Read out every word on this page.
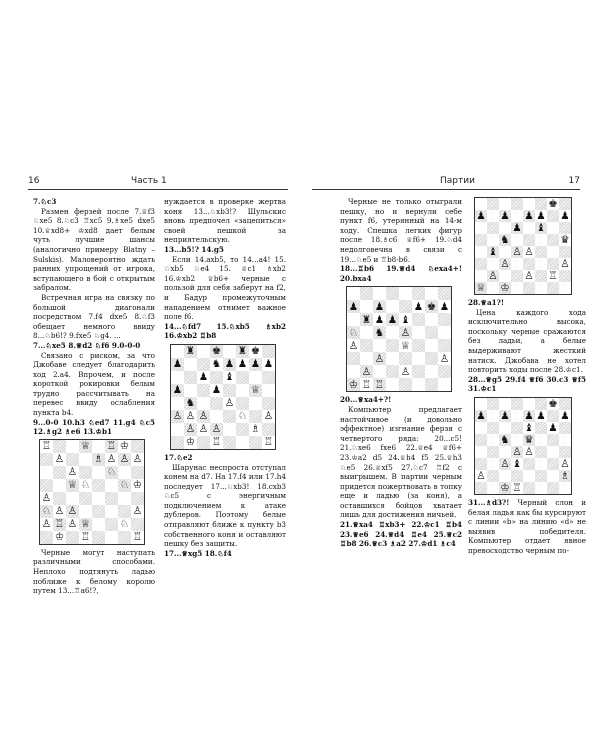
16	Часть 1

7.♘c3

Размен ферзей после 7.♕f3 ♘xe5 8.♘c3 ♖xc5 9.♗xe5 dxe5 10.♕xd8+ ♔xd8 дает белым чуть лучшие шансы (аналогично примеру Blatny – Sulskis). Маловероятно ждать ранних упрощений от игрока, вступающего в бой с открытым забралом.

Встречная игра на связку по большой диагонали посредством 7.f4 dxe5 8.♘f3 обещает немного ввиду 8...♘b6!? 9.fxe5 ♘g4. ...

7...♘xe5 8.♕d2 ♘f6 9.0-0-0

Связано с риском, за что Джобаве следует благодарить ход 2.a4. Впрочем, и после короткой рокировки белым трудно рассчитывать на перевес ввиду ослабления пункта b4.

9...0-0 10.h3 ♘ed7 11.g4 ♘c5 12.♗g2 ♗e6 13.♔b1

♖	♕ ♖ ♔
♙	♗ ♙ ♙ ♙
♙	♘
♕ ♘	♘ ♔
♙
♘ ♙ ♙	♙
♙ ♖ ♙ ♕	♘
♔ ♖	♖

Черные могут наступать различными способами. Неплохо подтянуть ладью поближе к белому королю путем 13...♖a6!?,

нуждается в проверке жертва коня 13...♘xb3!? Шульскис вновь предпочел «зацепиться» своей пешкой за неприятельскую.

13...b5!? 14.g5

Если 14.axb5, то 14...a4! 15. ♘xb5 ♘e4 15. ♕c1 ♗xb2 16.♔xb2 ♕b6+ черные с пользой для себя заберут на f2, и Бадур промежуточным нападением отнимет важное поле f6.

14...♘fd7 15.♘xb5 ♗xb2 16.♔xb2 ♖b8

♜ ♚ ♜ ♚
♟	♞ ♟ ♟ ♟ ♟
♟ ♝
♟	♟	♕
♞	♙
♙ ♙ ♙	♘ ♙
♙ ♙ ♙	♗
♔ ♖	♖

17.♘e2

Шарунас неспроста отступал конем на d7. На 17.f4 или 17.h4 последует 17...♘xb3! 18.cxb3 ♘c5 с энергичным подключением к атаке дублеров. Поэтому белые отправляют ближе к пункту b3 собственного коня и оставляют пешку без защиты.

17...♕xg5 18.♘f4

Партии	17

Черные не только отыграли пешку, но и вернули себе пункт f6, утерянный на 14-м ходу. Спешка легких фигур после 18.♗c6 ♕f6+ 19.♘d4 недолговечна в связи с 19...♘e5 и ♖b8-b6.

18...♖b6 19.♕d4 ♘exa4+! 20.bxa4

♟ ♟	♟ ♚ ♟
♜ ♟ ♟ ♝
♘ ♞ ♙
♙	♕
♙	♙
♙	♙
♔ ♖ ♖

20...♕xa4+?!

Компьютер предлагает настойчивое (и довольно эффектное) изгнание ферзя с четвертого ряда: 20...c5! 21.♘xe6 fxe6 22.♕e4 ♕f6+ 23.♔a2 d5 24.♕h4 f5 25.♕h3 ♘e5 26.♕xf5 27.♘c7 ♖f2 с выигрышем. В партии черным придется пожертвовать в топку еще и ладью (за коня), а оставшихся бойцов хватает лишь для достижения ничьей.

21.♕xa4 ♖xb3+ 22.♔c1 ♖b4 23.♕e6 24.♕d4 ♖e4 25.♕c2 ♖b8 26.♕c3 ♗a2 27.♔d1 ♗c4

♚
♟ ♟ ♟ ♟ ♟
♟ ♝
♞	♛
♝ ♙ ♙
♙	♙
♙	♙ ♖
♕ ♔

28.♕a1?!

Цена каждого хода исключительно высока, поскольку черные сражаются без ладьи, а белые выдерживают жесткий натиск. Джобава не хотел повторить ходы после 28.♔c1.

28...♕g5 29.f4 ♕f6 30.c3 ♕f5 31.♔c1

♚
♟ ♟ ♟ ♟ ♟
♝ ♟
♞ ♛
♙ ♙
♙ ♝	♙
♙	♗
♔ ♖

31...♗d3?! Черный слон и белая ладья как бы курсируют с линии «b» на линию «d» не выявив победителя. Компьютер отдает явное превосходство черным по-
